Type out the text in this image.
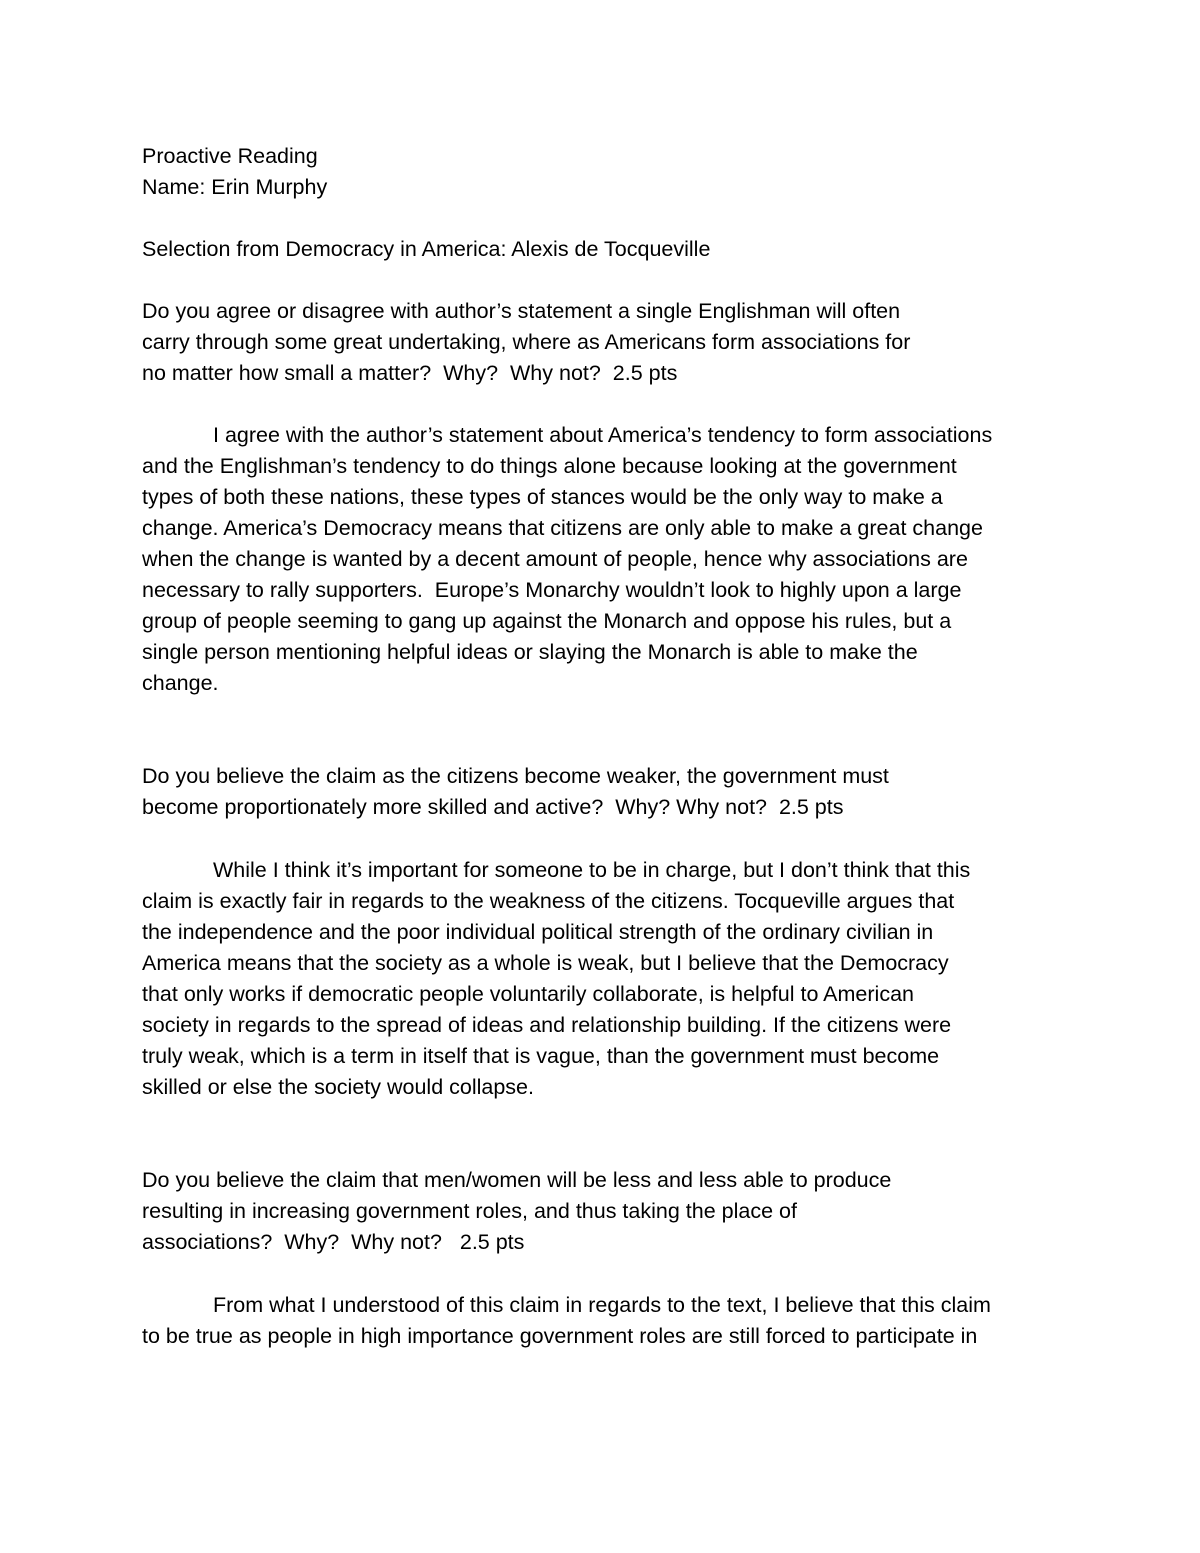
Proactive Reading

Name: Erin Murphy

Selection from Democracy in America: Alexis de Tocqueville

Do you agree or disagree with author’s statement a single Englishman will often

carry through some great undertaking, where as Americans form associations for

no matter how small a matter?  Why?  Why not?  2.5 pts

I agree with the author’s statement about America’s tendency to form associations

and the Englishman’s tendency to do things alone because looking at the government

types of both these nations, these types of stances would be the only way to make a

change. America’s Democracy means that citizens are only able to make a great change

when the change is wanted by a decent amount of people, hence why associations are

necessary to rally supporters.  Europe’s Monarchy wouldn’t look to highly upon a large

group of people seeming to gang up against the Monarch and oppose his rules, but a

single person mentioning helpful ideas or slaying the Monarch is able to make the

change.

Do you believe the claim as the citizens become weaker, the government must

become proportionately more skilled and active?  Why? Why not?  2.5 pts

While I think it’s important for someone to be in charge, but I don’t think that this

claim is exactly fair in regards to the weakness of the citizens. Tocqueville argues that

the independence and the poor individual political strength of the ordinary civilian in

America means that the society as a whole is weak, but I believe that the Democracy

that only works if democratic people voluntarily collaborate, is helpful to American

society in regards to the spread of ideas and relationship building. If the citizens were

truly weak, which is a term in itself that is vague, than the government must become

skilled or else the society would collapse.

Do you believe the claim that men/women will be less and less able to produce

resulting in increasing government roles, and thus taking the place of

associations?  Why?  Why not?   2.5 pts

From what I understood of this claim in regards to the text, I believe that this claim

to be true as people in high importance government roles are still forced to participate in
